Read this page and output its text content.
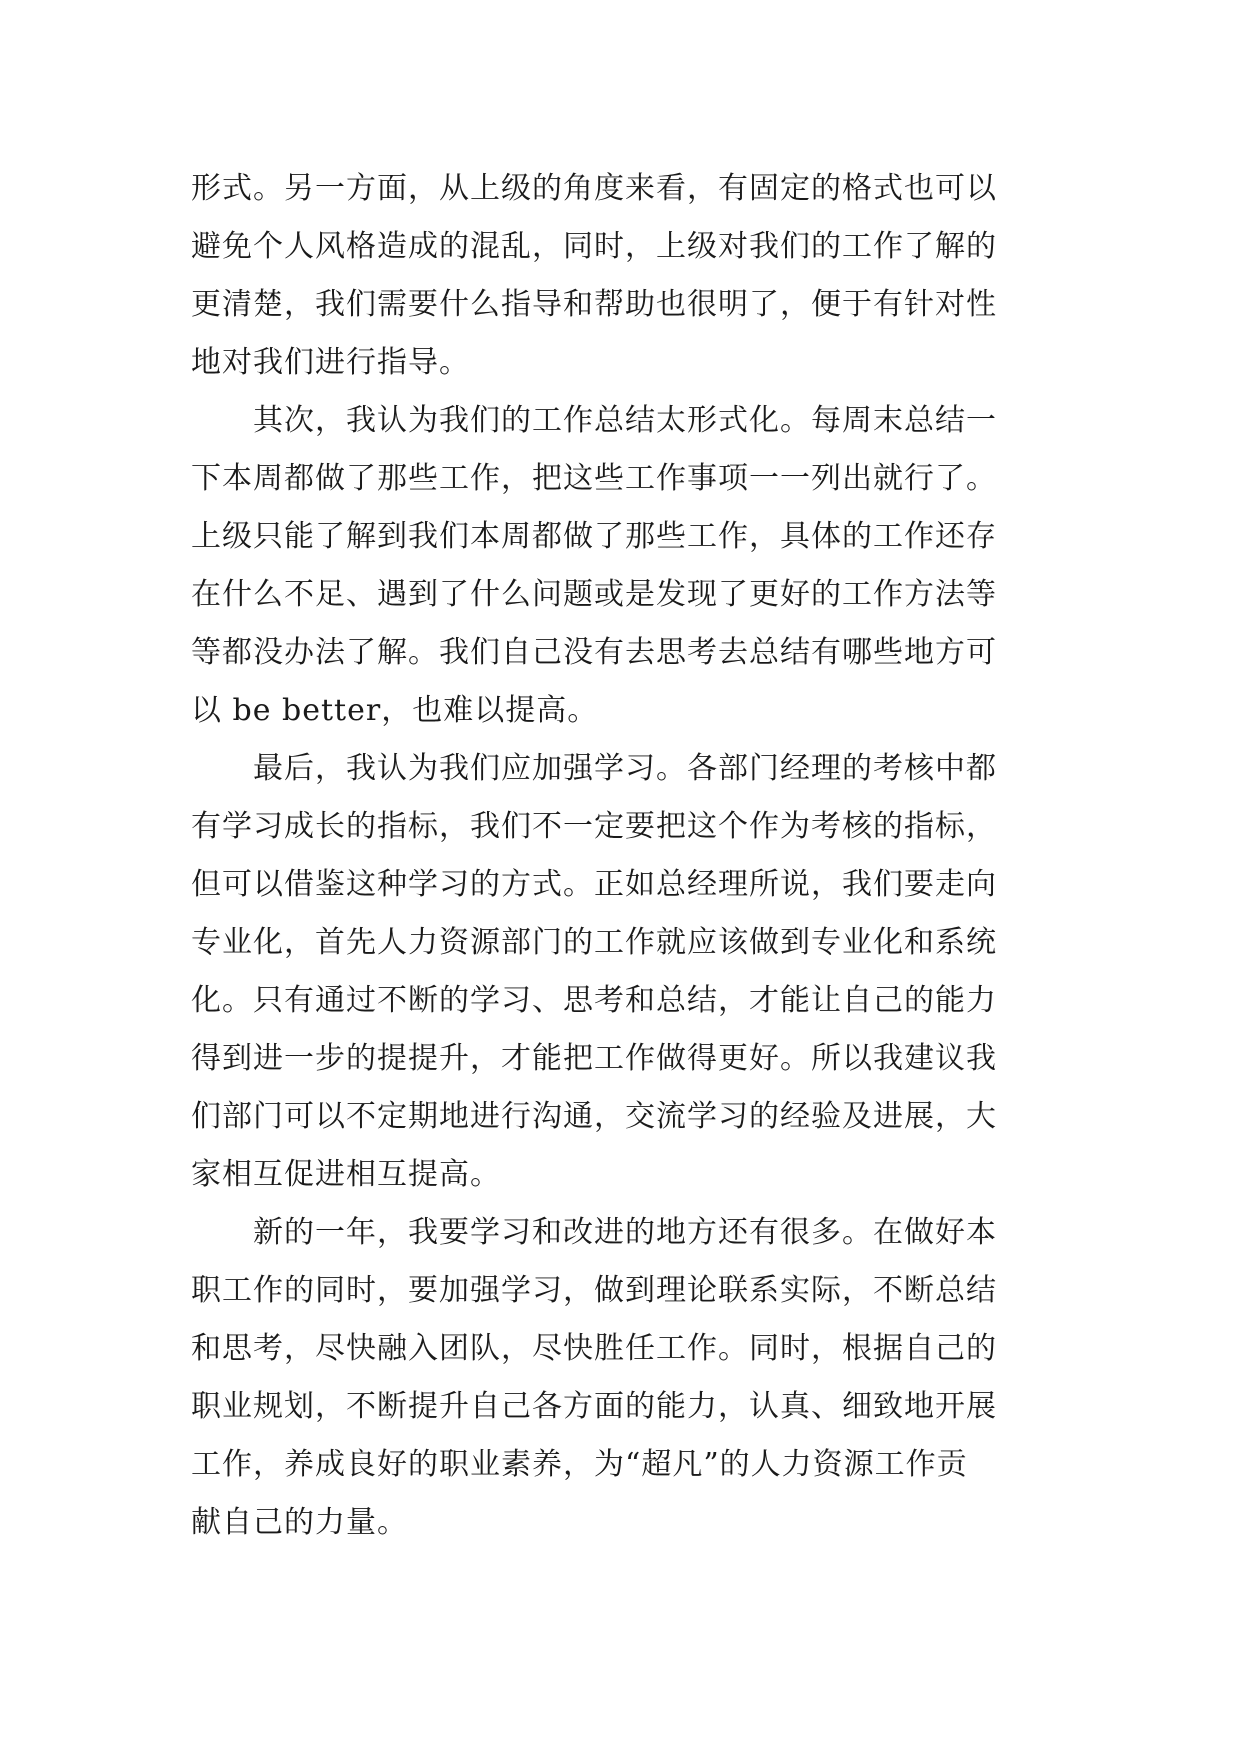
形式。另一方面，从上级的角度来看，有固定的格式也可以
避免个人风格造成的混乱，同时，上级对我们的工作了解的
更清楚，我们需要什么指导和帮助也很明了，便于有针对性
地对我们进行指导。

其次，我认为我们的工作总结太形式化。每周末总结一
下本周都做了那些工作，把这些工作事项一一列出就行了。
上级只能了解到我们本周都做了那些工作，具体的工作还存
在什么不足、遇到了什么问题或是发现了更好的工作方法等
等都没办法了解。我们自己没有去思考去总结有哪些地方可
以 be better，也难以提高。

最后，我认为我们应加强学习。各部门经理的考核中都
有学习成长的指标，我们不一定要把这个作为考核的指标，
但可以借鉴这种学习的方式。正如总经理所说，我们要走向
专业化，首先人力资源部门的工作就应该做到专业化和系统
化。只有通过不断的学习、思考和总结，才能让自己的能力
得到进一步的提提升，才能把工作做得更好。所以我建议我
们部门可以不定期地进行沟通，交流学习的经验及进展，大
家相互促进相互提高。

新的一年，我要学习和改进的地方还有很多。在做好本
职工作的同时，要加强学习，做到理论联系实际，不断总结
和思考，尽快融入团队，尽快胜任工作。同时，根据自己的
职业规划，不断提升自己各方面的能力，认真、细致地开展
工作，养成良好的职业素养，为“超凡”的人力资源工作贡
献自己的力量。
